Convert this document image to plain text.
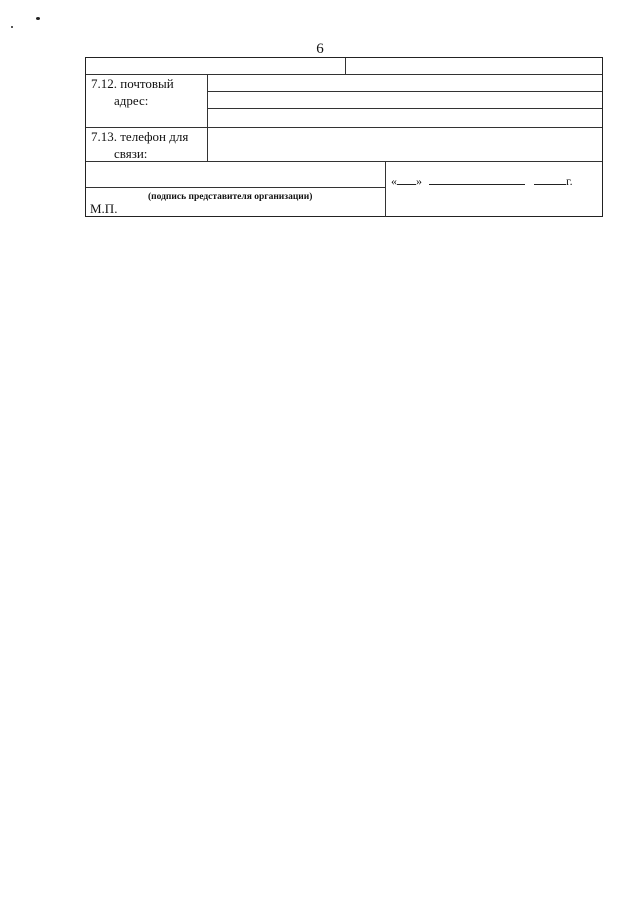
6
7.12. почтовый
адрес:
7.13. телефон для
связи:
(подпись представителя организации)
М.П.
« »	г.
